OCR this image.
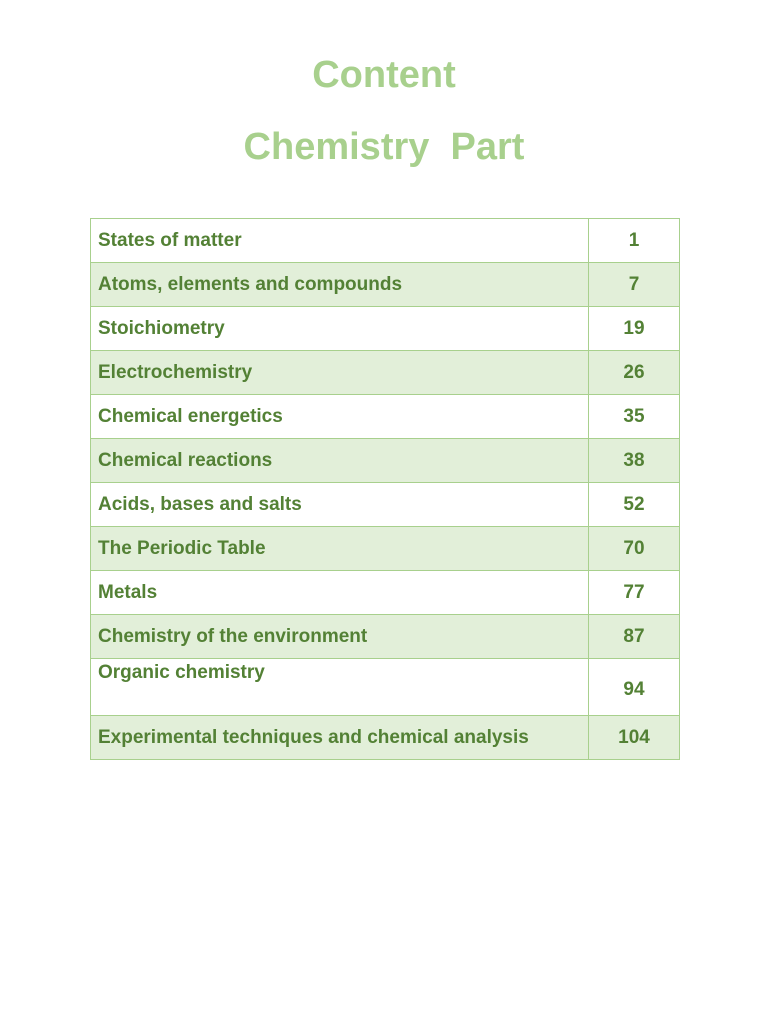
Content
Chemistry  Part
States of matter	1
Atoms, elements and compounds	7
Stoichiometry	19
Electrochemistry	26
Chemical energetics	35
Chemical reactions	38
Acids, bases and salts	52
The Periodic Table	70
Metals	77
Chemistry of the environment	87
Organic chemistry	94
Experimental techniques and chemical analysis	104
